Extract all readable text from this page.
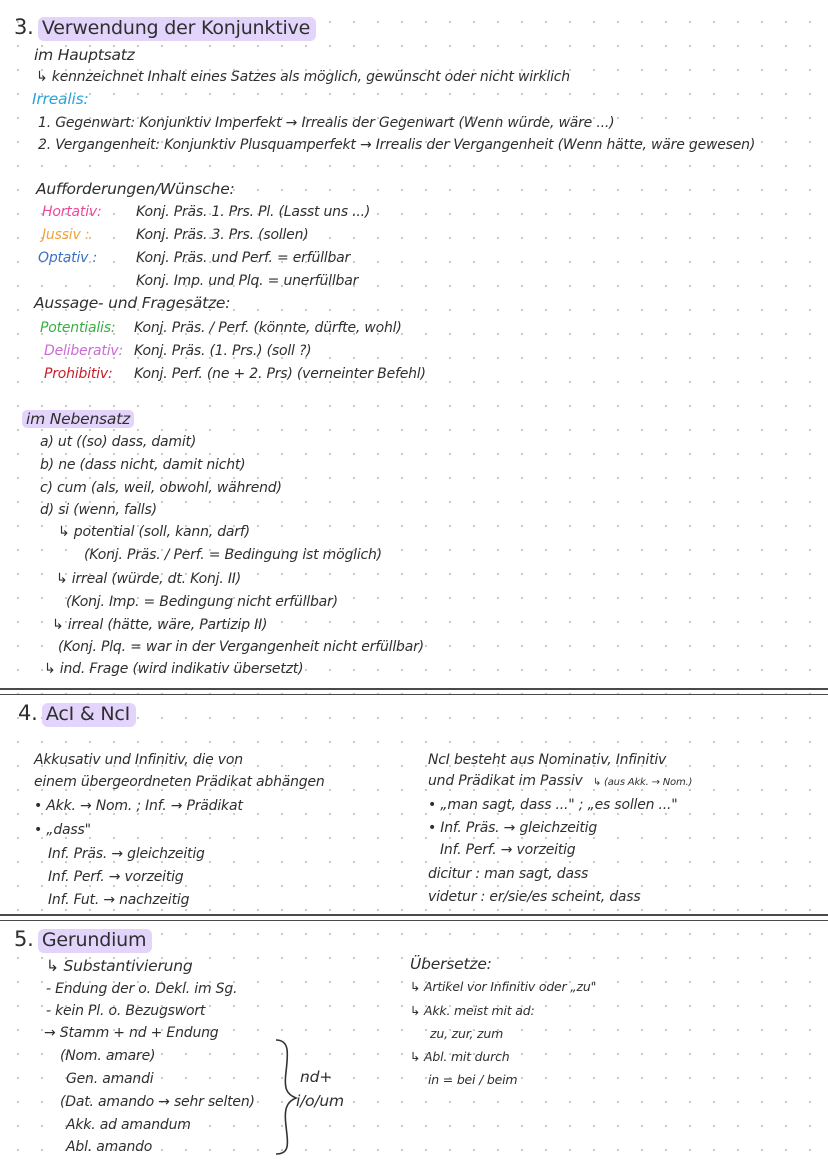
3. Verwendung der Konjunktive
im Hauptsatz
↳ kennzeichnet Inhalt eines Satzes als möglich, gewünscht oder nicht wirklich
Irrealis:
1. Gegenwart: Konjunktiv Imperfekt → Irrealis der Gegenwart (Wenn würde, wäre ...)
2. Vergangenheit: Konjunktiv Plusquamperfekt → Irrealis der Vergangenheit (Wenn hätte, wäre gewesen)
Aufforderungen/Wünsche:
Hortativ: Konj. Präs. 1. Prs. Pl. (Lasst uns ...)
Jussiv :	Konj. Präs. 3. Prs. (sollen)
Optativ :	Konj. Präs. und Perf. = erfüllbar
Konj. Imp. und Plq. = unerfüllbar
Aussage- und Fragesätze:
Potentialis: Konj. Präs. / Perf. (könnte, dürfte, wohl)
Deliberativ: Konj. Präs. (1. Prs.) (soll ?)
Prohibitiv: Konj. Perf. (ne + 2. Prs) (verneinter Befehl)
im Nebensatz
a) ut ((so) dass, damit)
b) ne (dass nicht, damit nicht)
c) cum (als, weil, obwohl, während)
d) si (wenn, falls)
↳ potential (soll, kann, darf)
(Konj. Präs. / Perf. = Bedingung ist möglich)
↳ irreal (würde, dt. Konj. II)
(Konj. Imp. = Bedingung nicht erfüllbar)
↳ irreal (hätte, wäre, Partizip II)
(Konj. Plq. = war in der Vergangenheit nicht erfüllbar)
↳ ind. Frage (wird indikativ übersetzt)
4. AcI & NcI
Akkusativ und Infinitiv, die von
einem übergeordneten Prädikat abhängen
• Akk. → Nom. ; Inf. → Prädikat
• „dass"
Inf. Präs. → gleichzeitig
Inf. Perf. → vorzeitig
Inf. Fut. → nachzeitig
NcI besteht aus Nominativ, Infinitiv
und Prädikat im Passiv ↳ (aus Akk. → Nom.)
• „man sagt, dass ..." ; „es sollen ..."
• Inf. Präs. → gleichzeitig
Inf. Perf. → vorzeitig
dicitur : man sagt, dass
videtur : er/sie/es scheint, dass
5. Gerundium
↳ Substantivierung
- Endung der o. Dekl. im Sg.
- kein Pl. o. Bezugswort
→ Stamm + nd + Endung
(Nom. amare)
Gen. amandi
(Dat. amando → sehr selten)
Akk. ad amandum
Abl. amando
nd+
i/o/um
Übersetze:
↳ Artikel vor Infinitiv oder „zu"
↳ Akk. meist mit ad:
zu, zur, zum
↳ Abl. mit durch
in = bei / beim
